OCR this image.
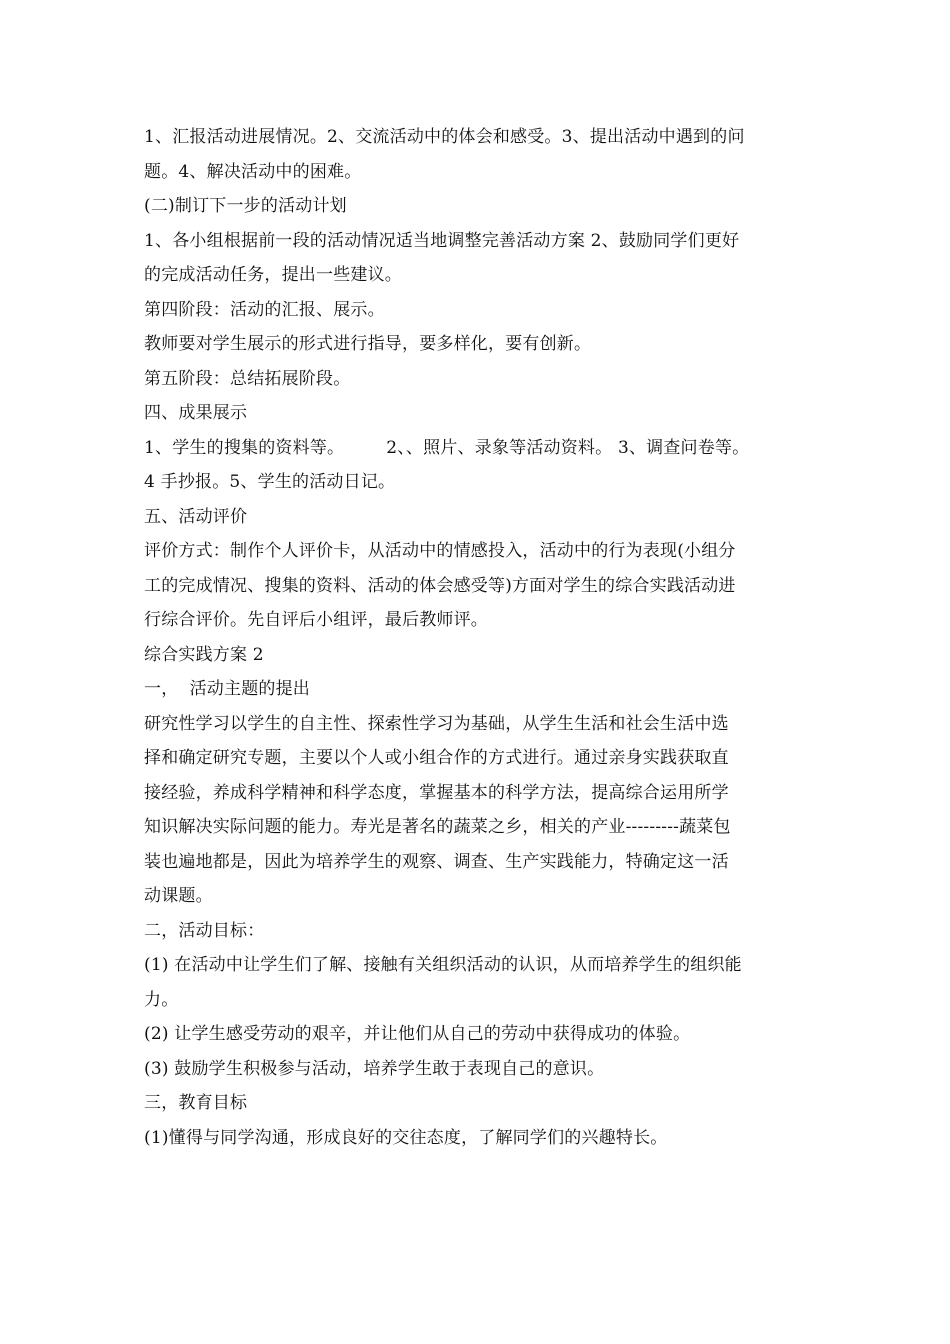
1、汇报活动进展情况。2、交流活动中的体会和感受。3、提出活动中遇到的问
题。4、解决活动中的困难。
(二)制订下一步的活动计划
1、各小组根据前一段的活动情况适当地调整完善活动方案 2、鼓励同学们更好
的完成活动任务，提出一些建议。
第四阶段：活动的汇报、展示。
教师要对学生展示的形式进行指导，要多样化，要有创新。
第五阶段：总结拓展阶段。
四、成果展示
1、学生的搜集的资料等。 2、、照片、录象等活动资料。 3、调查问卷等。
4 手抄报。5、学生的活动日记。
五、活动评价
评价方式：制作个人评价卡，从活动中的情感投入，活动中的行为表现(小组分
工的完成情况、搜集的资料、活动的体会感受等)方面对学生的综合实践活动进
行综合评价。先自评后小组评，最后教师评。
综合实践方案 2
一，  活动主题的提出
研究性学习以学生的自主性、探索性学习为基础，从学生生活和社会生活中选
择和确定研究专题，主要以个人或小组合作的方式进行。通过亲身实践获取直
接经验，养成科学精神和科学态度，掌握基本的科学方法，提高综合运用所学
知识解决实际问题的能力。寿光是著名的蔬菜之乡，相关的产业---------蔬菜包
装也遍地都是，因此为培养学生的观察、调查、生产实践能力，特确定这一活
动课题。
二，活动目标：
(1) 在活动中让学生们了解、接触有关组织活动的认识，从而培养学生的组织能
力。
(2) 让学生感受劳动的艰辛，并让他们从自己的劳动中获得成功的体验。
(3) 鼓励学生积极参与活动，培养学生敢于表现自己的意识。
三，教育目标
(1)懂得与同学沟通，形成良好的交往态度，了解同学们的兴趣特长。
